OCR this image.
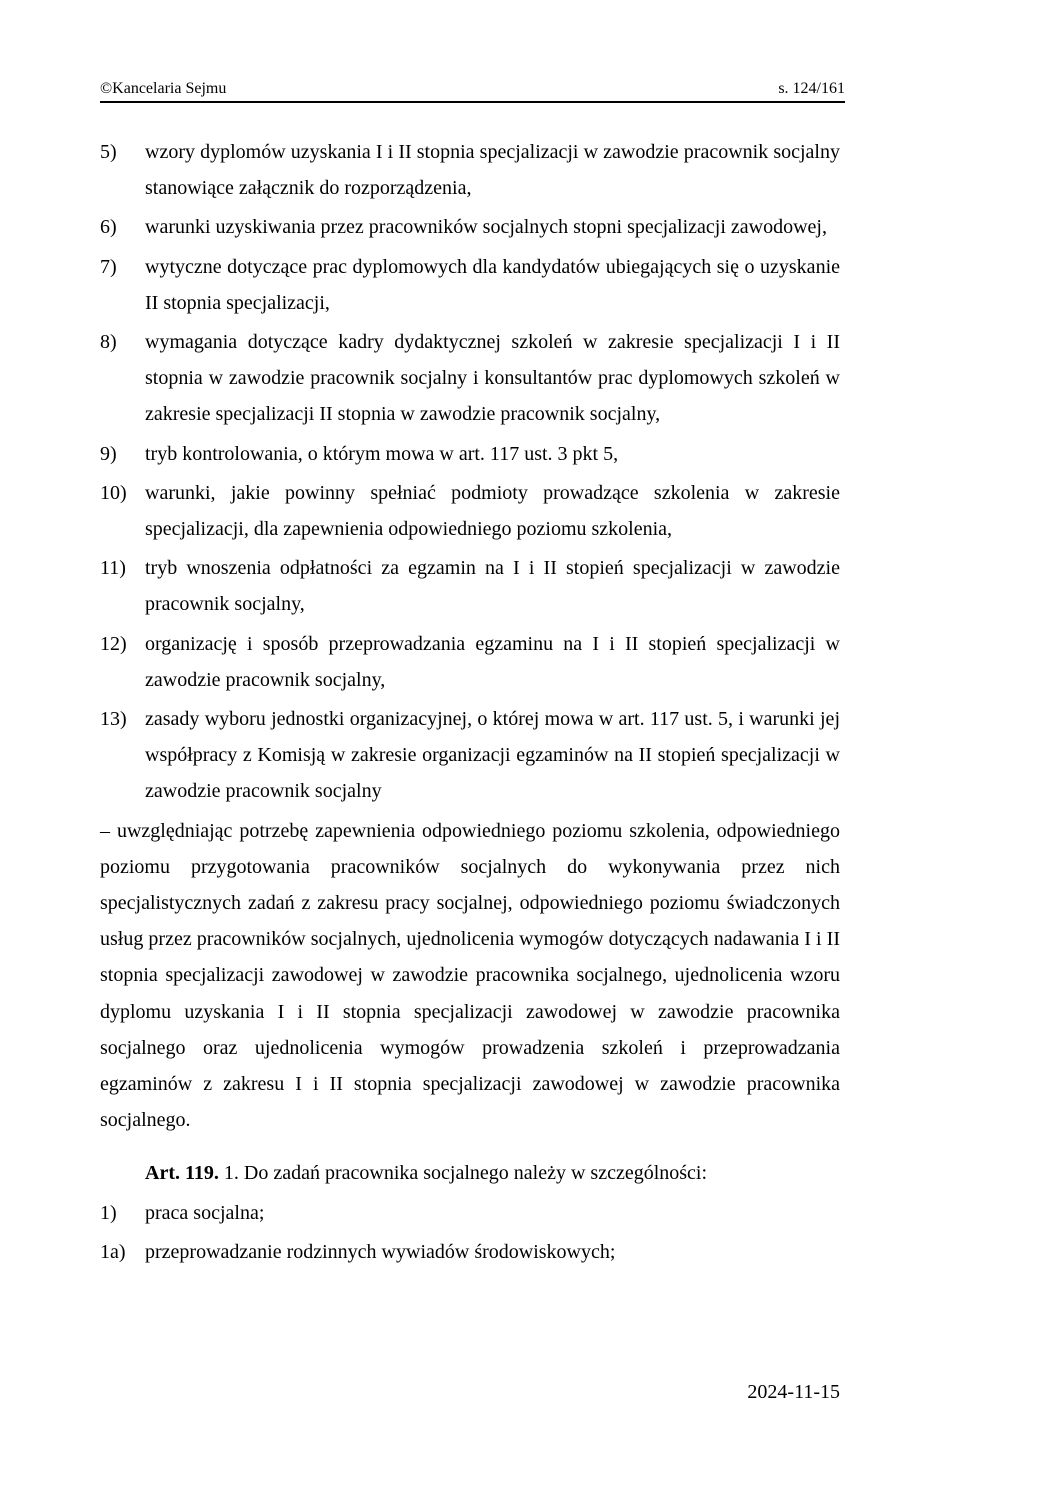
©Kancelaria Sejmu	s. 124/161
5) wzory dyplomów uzyskania I i II stopnia specjalizacji w zawodzie pracownik socjalny stanowiące załącznik do rozporządzenia,
6) warunki uzyskiwania przez pracowników socjalnych stopni specjalizacji zawodowej,
7) wytyczne dotyczące prac dyplomowych dla kandydatów ubiegających się o uzyskanie II stopnia specjalizacji,
8) wymagania dotyczące kadry dydaktycznej szkoleń w zakresie specjalizacji I i II stopnia w zawodzie pracownik socjalny i konsultantów prac dyplomowych szkoleń w zakresie specjalizacji II stopnia w zawodzie pracownik socjalny,
9) tryb kontrolowania, o którym mowa w art. 117 ust. 3 pkt 5,
10) warunki, jakie powinny spełniać podmioty prowadzące szkolenia w zakresie specjalizacji, dla zapewnienia odpowiedniego poziomu szkolenia,
11) tryb wnoszenia odpłatności za egzamin na I i II stopień specjalizacji w zawodzie pracownik socjalny,
12) organizację i sposób przeprowadzania egzaminu na I i II stopień specjalizacji w zawodzie pracownik socjalny,
13) zasady wyboru jednostki organizacyjnej, o której mowa w art. 117 ust. 5, i warunki jej współpracy z Komisją w zakresie organizacji egzaminów na II stopień specjalizacji w zawodzie pracownik socjalny

– uwzględniając potrzebę zapewnienia odpowiedniego poziomu szkolenia, odpowiedniego poziomu przygotowania pracowników socjalnych do wykonywania przez nich specjalistycznych zadań z zakresu pracy socjalnej, odpowiedniego poziomu świadczonych usług przez pracowników socjalnych, ujednolicenia wymogów dotyczących nadawania I i II stopnia specjalizacji zawodowej w zawodzie pracownika socjalnego, ujednolicenia wzoru dyplomu uzyskania I i II stopnia specjalizacji zawodowej w zawodzie pracownika socjalnego oraz ujednolicenia wymogów prowadzenia szkoleń i przeprowadzania egzaminów z zakresu I i II stopnia specjalizacji zawodowej w zawodzie pracownika socjalnego.

Art. 119. 1. Do zadań pracownika socjalnego należy w szczególności:

1) praca socjalna;
1a) przeprowadzanie rodzinnych wywiadów środowiskowych;
2024-11-15
